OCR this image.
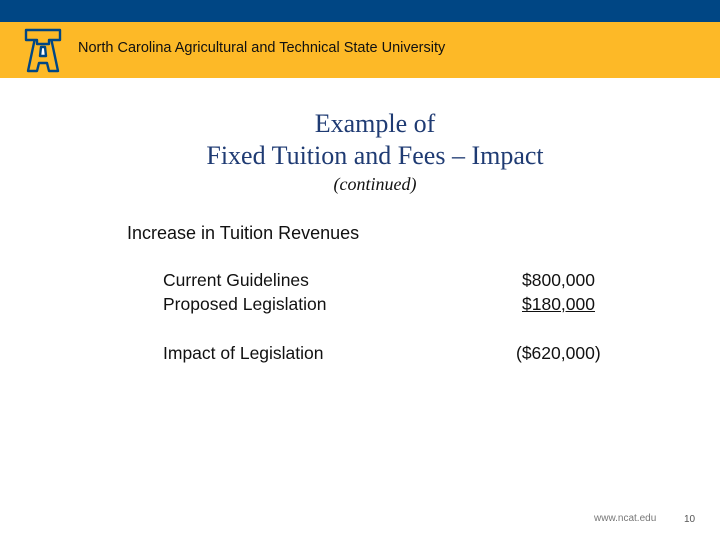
North Carolina Agricultural and Technical State University
Example of
Fixed Tuition and Fees – Impact
(continued)
Increase in Tuition Revenues
Current Guidelines	$800,000
Proposed Legislation	$180,000
Impact of Legislation	($620,000)
www.ncat.edu	10
